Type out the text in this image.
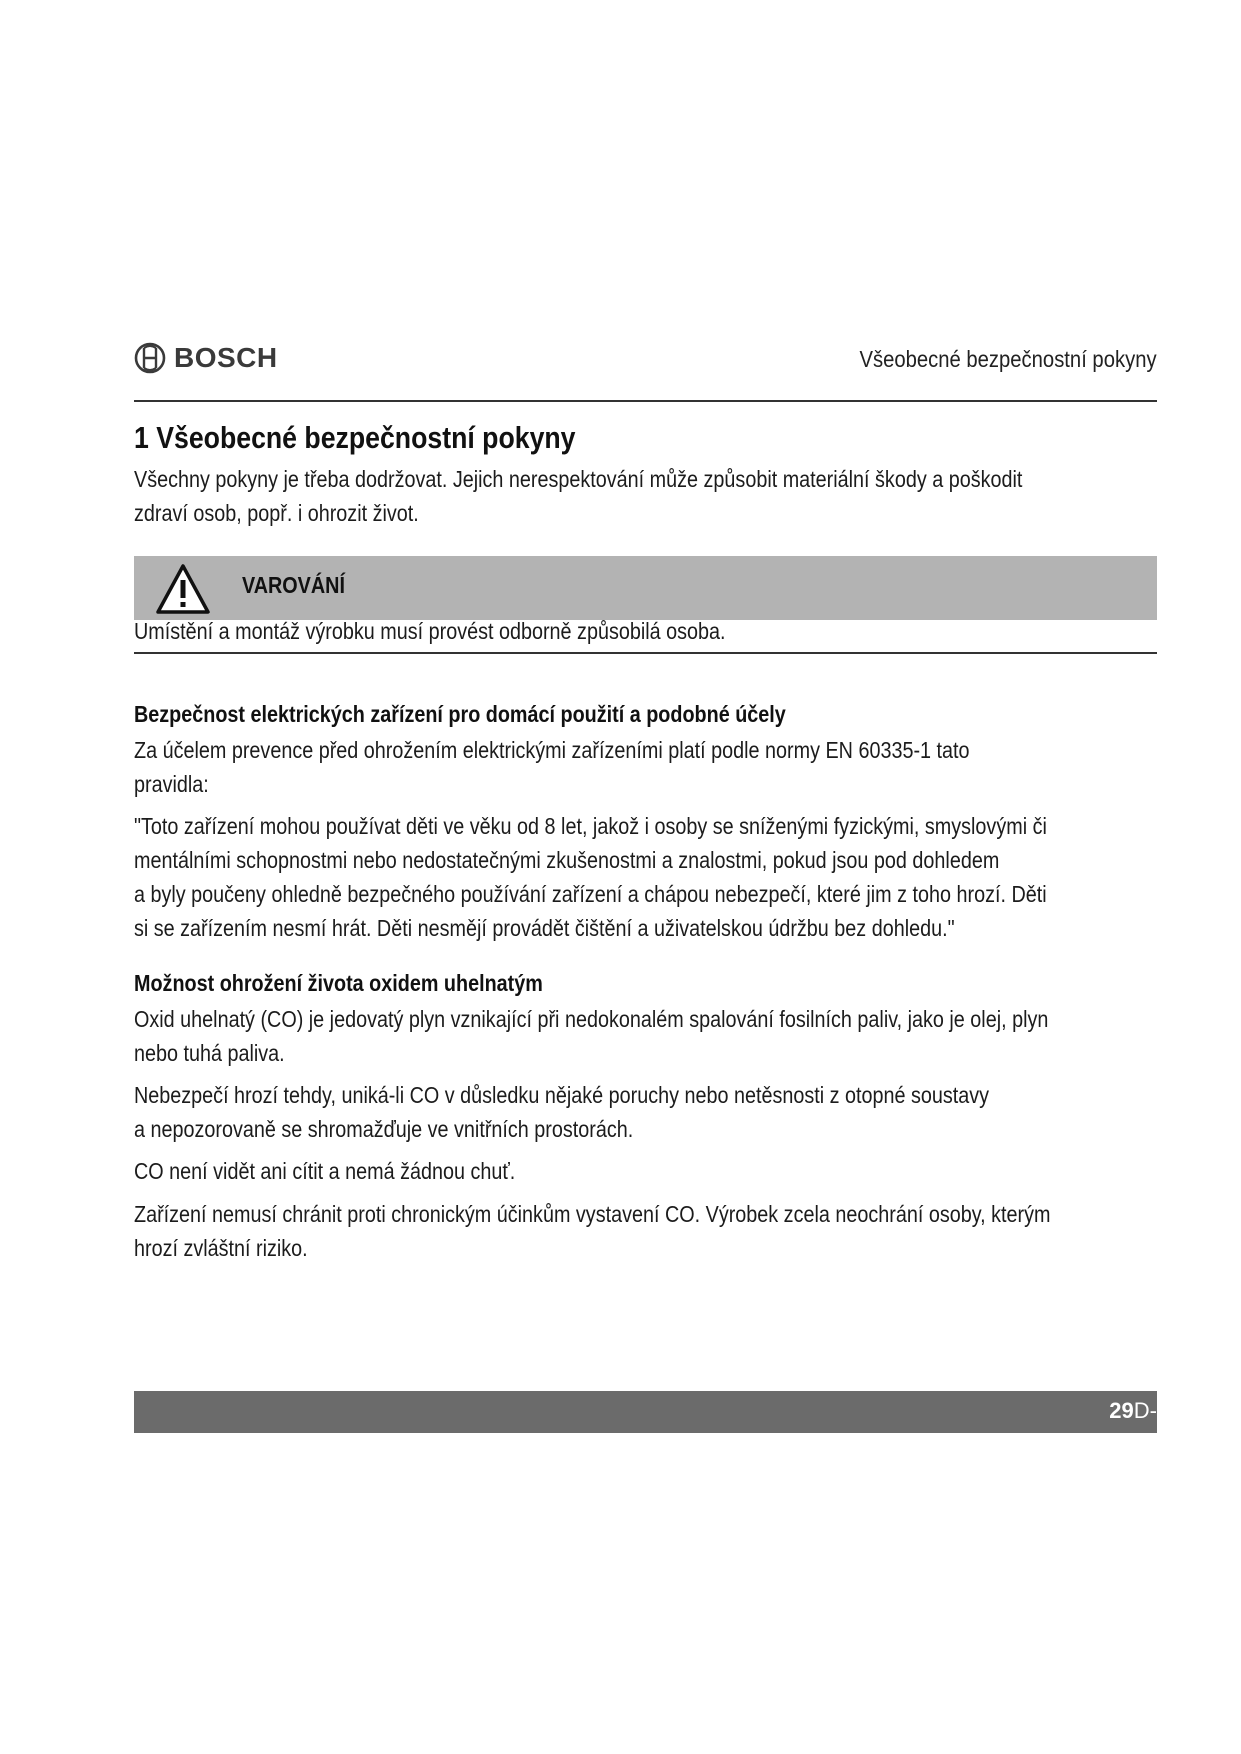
BOSCH	Všeobecné bezpečnostní pokyny
1 Všeobecné bezpečnostní pokyny
Všechny pokyny je třeba dodržovat. Jejich nerespektování může způsobit materiální škody a poškodit
zdraví osob, popř. i ohrozit život.
VAROVÁNÍ
Umístění a montáž výrobku musí provést odborně způsobilá osoba.
Bezpečnost elektrických zařízení pro domácí použití a podobné účely
Za účelem prevence před ohrožením elektrickými zařízeními platí podle normy EN 60335-1 tato
pravidla:
"Toto zařízení mohou používat děti ve věku od 8 let, jakož i osoby se sníženými fyzickými, smyslovými či
mentálními schopnostmi nebo nedostatečnými zkušenostmi a znalostmi, pokud jsou pod dohledem
a byly poučeny ohledně bezpečného používání zařízení a chápou nebezpečí, které jim z toho hrozí. Děti
si se zařízením nesmí hrát. Děti nesmějí provádět čištění a uživatelskou údržbu bez dohledu."
Možnost ohrožení života oxidem uhelnatým
Oxid uhelnatý (CO) je jedovatý plyn vznikající při nedokonalém spalování fosilních paliv, jako je olej, plyn
nebo tuhá paliva.
Nebezpečí hrozí tehdy, uniká-li CO v důsledku nějaké poruchy nebo netěsnosti z otopné soustavy
a nepozorovaně se shromažďuje ve vnitřních prostorách.
CO není vidět ani cítit a nemá žádnou chuť.
Zařízení nemusí chránit proti chronickým účinkům vystavení CO. Výrobek zcela neochrání osoby, kterým
hrozí zvláštní riziko.
29D-
